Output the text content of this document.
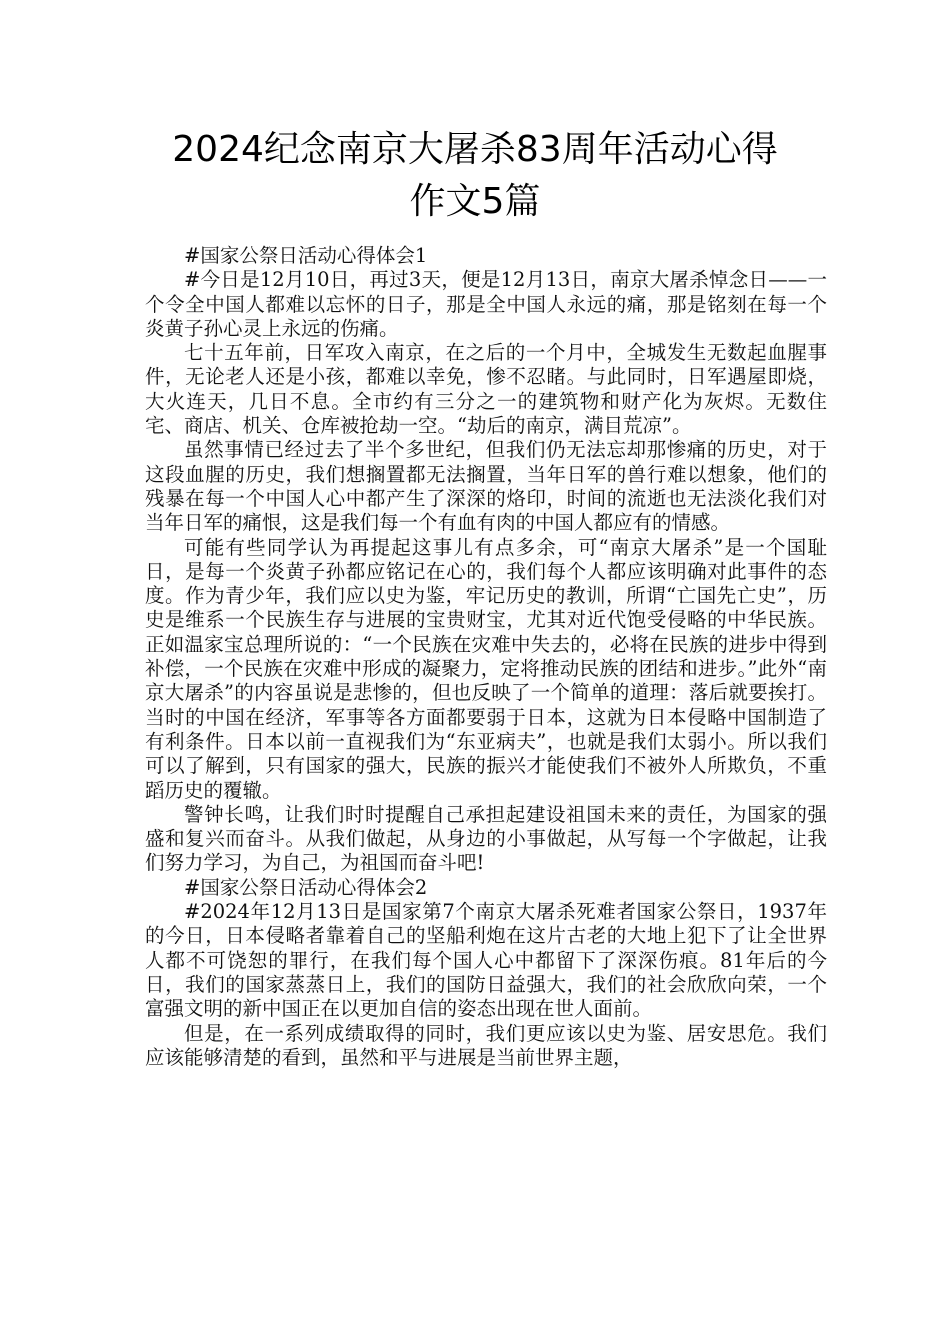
2024纪念南京大屠杀83周年活动心得
作文5篇

#国家公祭日活动心得体会1

#今日是12月10日，再过3天，便是12月13日，南京大屠杀悼念日——一个令全中国人都难以忘怀的日子，那是全中国人永远的痛，那是铭刻在每一个炎黄子孙心灵上永远的伤痛。

七十五年前，日军攻入南京，在之后的一个月中，全城发生无数起血腥事件，无论老人还是小孩，都难以幸免，惨不忍睹。与此同时，日军遇屋即烧，大火连天，几日不息。全市约有三分之一的建筑物和财产化为灰烬。无数住宅、商店、机关、仓库被抢劫一空。“劫后的南京，满目荒凉”。

虽然事情已经过去了半个多世纪，但我们仍无法忘却那惨痛的历史，对于这段血腥的历史，我们想搁置都无法搁置，当年日军的兽行难以想象，他们的残暴在每一个中国人心中都产生了深深的烙印，时间的流逝也无法淡化我们对当年日军的痛恨，这是我们每一个有血有肉的中国人都应有的情感。

可能有些同学认为再提起这事儿有点多余，可“南京大屠杀”是一个国耻日，是每一个炎黄子孙都应铭记在心的，我们每个人都应该明确对此事件的态度。作为青少年，我们应以史为鉴，牢记历史的教训，所谓“亡国先亡史”，历史是维系一个民族生存与进展的宝贵财宝，尤其对近代饱受侵略的中华民族。正如温家宝总理所说的：“一个民族在灾难中失去的，必将在民族的进步中得到补偿，一个民族在灾难中形成的凝聚力，定将推动民族的团结和进步。”此外“南京大屠杀”的内容虽说是悲惨的，但也反映了一个简单的道理：落后就要挨打。当时的中国在经济，军事等各方面都要弱于日本，这就为日本侵略中国制造了有利条件。日本以前一直视我们为“东亚病夫”，也就是我们太弱小。所以我们可以了解到，只有国家的强大，民族的振兴才能使我们不被外人所欺负，不重蹈历史的覆辙。

警钟长鸣，让我们时时提醒自己承担起建设祖国未来的责任，为国家的强盛和复兴而奋斗。从我们做起，从身边的小事做起，从写每一个字做起，让我们努力学习，为自己，为祖国而奋斗吧!

#国家公祭日活动心得体会2

#2024年12月13日是国家第7个南京大屠杀死难者国家公祭日，1937年的今日，日本侵略者靠着自己的坚船利炮在这片古老的大地上犯下了让全世界人都不可饶恕的罪行，在我们每个国人心中都留下了深深伤痕。81年后的今日，我们的国家蒸蒸日上，我们的国防日益强大，我们的社会欣欣向荣，一个富强文明的新中国正在以更加自信的姿态出现在世人面前。

但是，在一系列成绩取得的同时，我们更应该以史为鉴、居安思危。我们应该能够清楚的看到，虽然和平与进展是当前世界主题，
